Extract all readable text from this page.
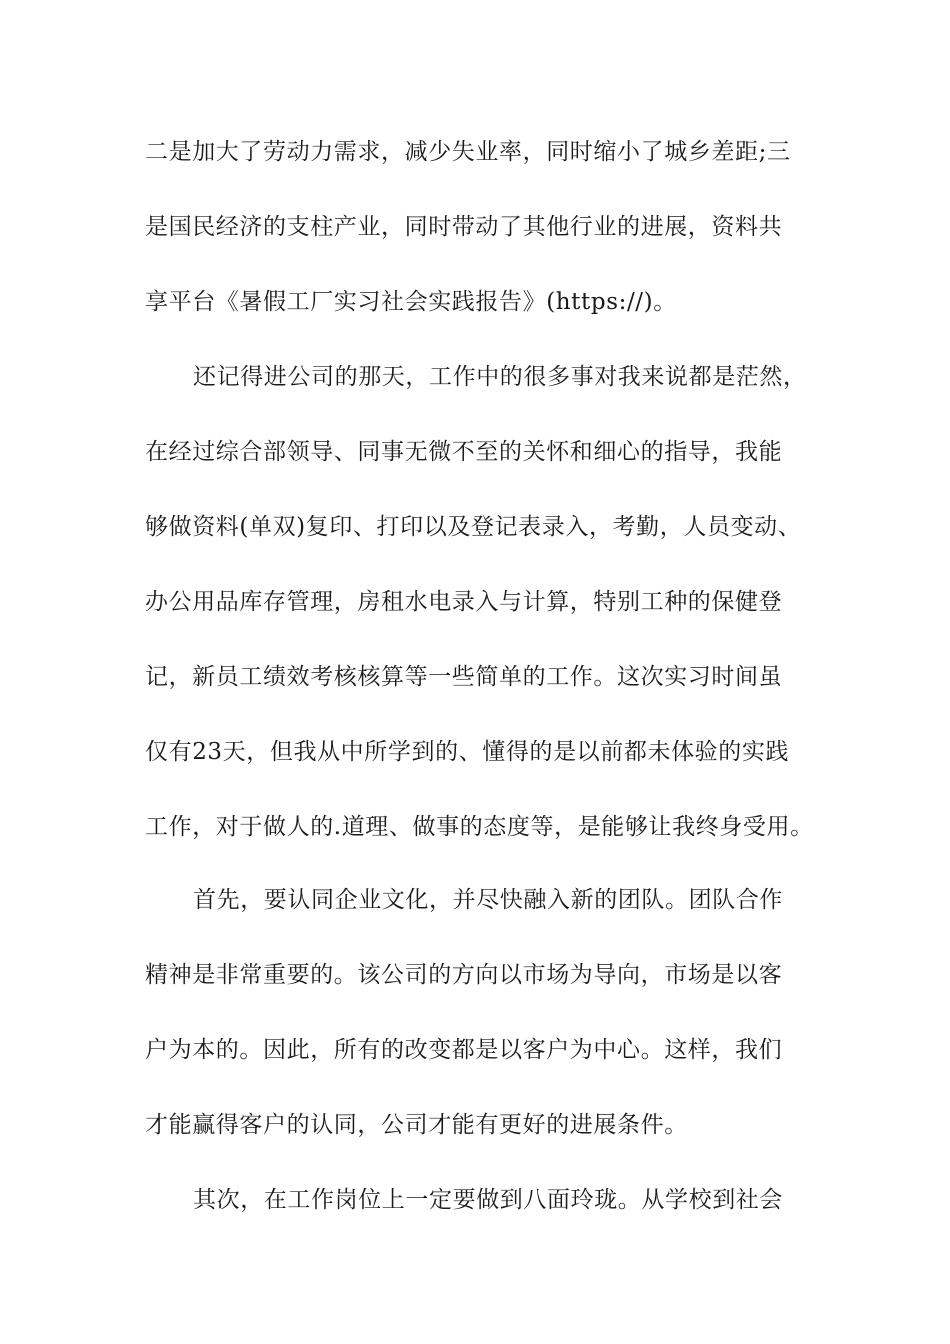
二是加大了劳动力需求，减少失业率，同时缩小了城乡差距;三
是国民经济的支柱产业，同时带动了其他行业的进展，资料共
享平台《暑假工厂实习社会实践报告》(https://)。
还记得进公司的那天，工作中的很多事对我来说都是茫然，
在经过综合部领导、同事无微不至的关怀和细心的指导，我能
够做资料(单双)复印、打印以及登记表录入，考勤，人员变动、
办公用品库存管理，房租水电录入与计算，特别工种的保健登
记，新员工绩效考核核算等一些简单的工作。这次实习时间虽
仅有23天，但我从中所学到的、懂得的是以前都未体验的实践
工作，对于做人的.道理、做事的态度等，是能够让我终身受用。
首先，要认同企业文化，并尽快融入新的团队。团队合作
精神是非常重要的。该公司的方向以市场为导向，市场是以客
户为本的。因此，所有的改变都是以客户为中心。这样，我们
才能赢得客户的认同，公司才能有更好的进展条件。
其次，在工作岗位上一定要做到八面玲珑。从学校到社会
